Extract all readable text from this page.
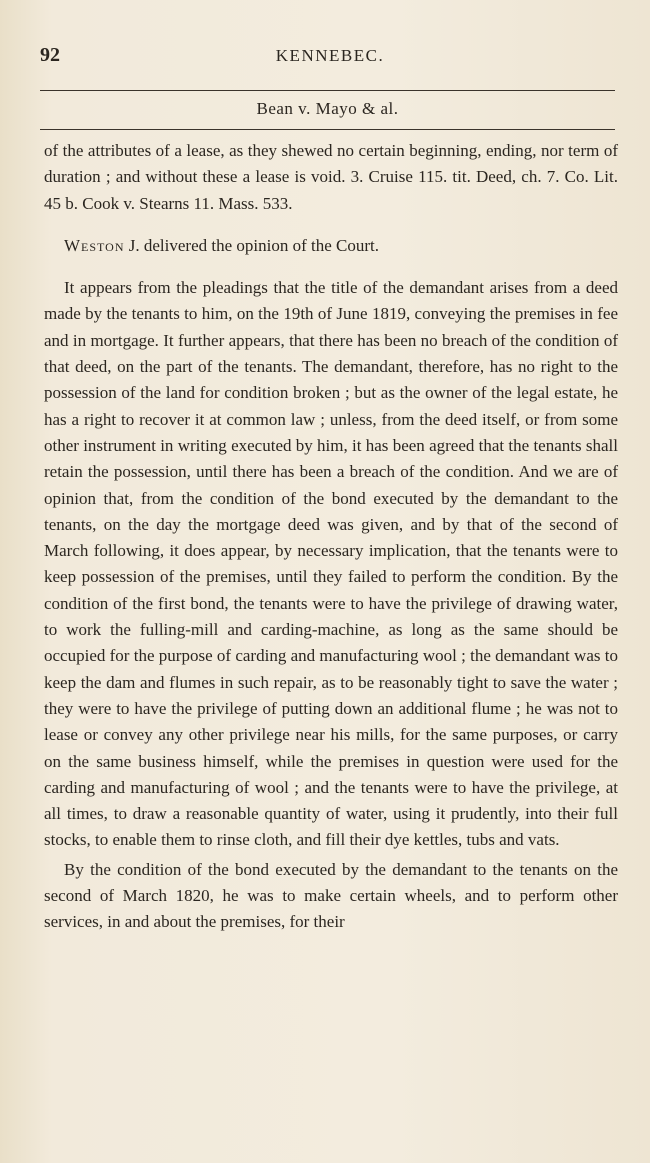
92	KENNEBEC.
Bean v. Mayo & al.

of the attributes of a lease, as they shewed no certain beginning, ending, nor term of duration ; and without these a lease is void. 3. Cruise 115. tit. Deed, ch. 7. Co. Lit. 45 b. Cook v. Stearns 11. Mass. 533.

Weston J. delivered the opinion of the Court.

It appears from the pleadings that the title of the demandant arises from a deed made by the tenants to him, on the 19th of June 1819, conveying the premises in fee and in mortgage. It further appears, that there has been no breach of the condition of that deed, on the part of the tenants. The demandant, therefore, has no right to the possession of the land for condition broken ; but as the owner of the legal estate, he has a right to recover it at common law ; unless, from the deed itself, or from some other instrument in writing executed by him, it has been agreed that the tenants shall retain the possession, until there has been a breach of the condition. And we are of opinion that, from the condition of the bond executed by the demandant to the tenants, on the day the mortgage deed was given, and by that of the second of March following, it does appear, by necessary implication, that the tenants were to keep possession of the premises, until they failed to perform the condition. By the condition of the first bond, the tenants were to have the privilege of drawing water, to work the fulling-mill and carding-machine, as long as the same should be occupied for the purpose of carding and manufacturing wool ; the demandant was to keep the dam and flumes in such repair, as to be reasonably tight to save the water ; they were to have the privilege of putting down an additional flume ; he was not to lease or convey any other privilege near his mills, for the same purposes, or carry on the same business himself, while the premises in question were used for the carding and manufacturing of wool ; and the tenants were to have the privilege, at all times, to draw a reasonable quantity of water, using it prudently, into their full stocks, to enable them to rinse cloth, and fill their dye kettles, tubs and vats.

By the condition of the bond executed by the demandant to the tenants on the second of March 1820, he was to make certain wheels, and to perform other services, in and about the premises, for their
